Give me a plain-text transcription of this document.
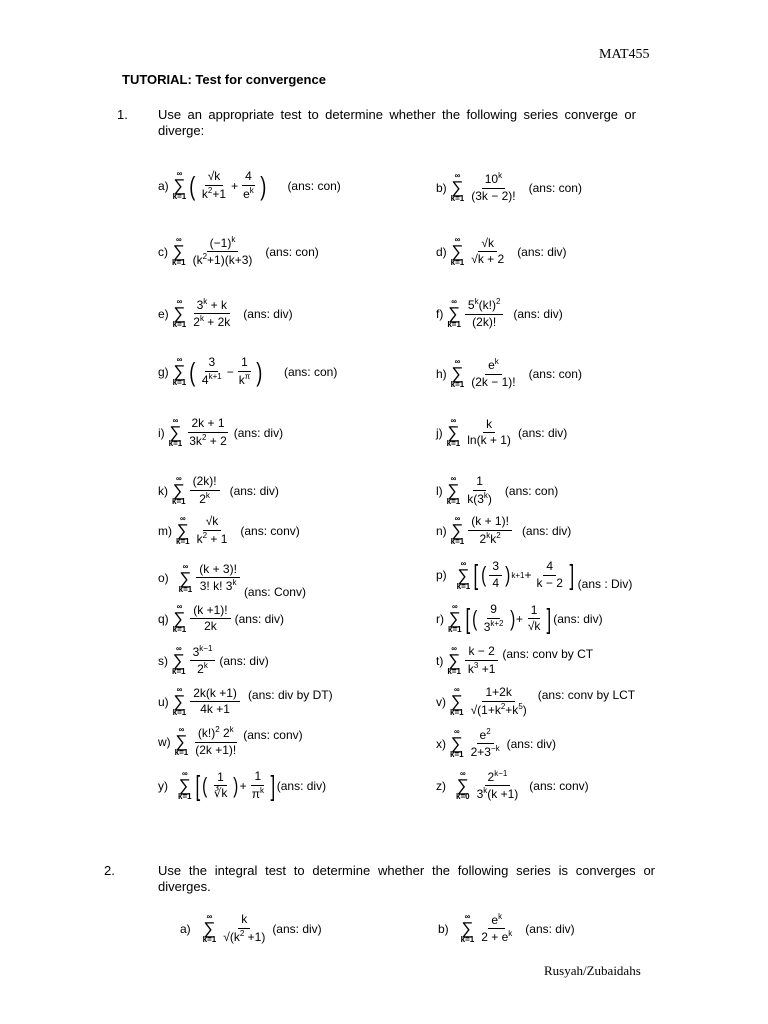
MAT455
TUTORIAL: Test for convergence
1. Use an appropriate test to determine whether the following series converge or diverge:
a)
∞
∑
k=1 ( $\frac{√k}{k^2+1} + \frac{4}{e^k}$ ) (ans: con)	b)
∞
∑
$k=1 \frac{10^k}{(3k - 2)!} (ans$: con)
c)
∞
∑
$k=1 \frac{(-1)^k}{(k^2+1)(k+3)} (ans$: con)	d)
∞
∑
$k=1 \frac{√k}{√k + 2} (ans$: div)
e)
∞
∑
$k=1 \frac{3^k + k}{2^k + 2k} (ans$: div)	f)
∞
∑
$k=1 \frac{5^k(k!)^2}{(2k)!} (ans$: div)
g)
∞
∑
k=1 ( $\frac{3}{4^{k+1}} - \frac{1}{k^\pi}$ ) (ans: con)	h)
∞
∑
$k=1 \frac{e^k}{(2k - 1)!} (ans$: con)
i)
∞
∑
$k=1 \frac{2k + 1}{3k^2 + 2} (ans$: div)	j)
∞
∑
$k=1 \frac{k}{\ln(k + 1)} (ans$: div)
k)
∞
∑
$k=1 \frac{(2k)!}{2^k} (ans$: div)	l)
∞
∑
$k=1 \frac{1}{k(3^k)} (ans$: con)
m)
∞
∑
$k=1 \frac{√k}{k^2 + 1} (ans$: conv)	n)
∞
∑
$k=1 \frac{(k + 1)!}{2^kk^2} (ans$: div)
o)
∞
∑
$k=1 \frac{(k + 3)!}{3! k! 3^k} (ans$: Conv)
p)
∞
∑
k=1 [ ( $\frac{3}{4}$ ) $k+1 + \frac{4}{k - 2}$ ] (ans : Div)
q)
∞
∑
$k=1 \frac{(k +1)!}{2k} (ans$: div)	r)
∞
∑
k=1 [ ( $\frac{9}{3^{k+2}}$ ) + $\frac{1}{√k}$ ] (ans: div)
s)
∞
∑
$k=1 \frac{3^{k-1}}{2^k} (ans$: div)	t)
∞
∑
$k=1 \frac{k - 2}{k^3 +1} (ans$: conv by CT
u)
∞
∑
$k=1 \frac{2k(k +1)}{4k +1} (ans$: div by DT)	v)
∞
∑
$k=1 \frac{1+2k}{√(1+k^2+k^5)} (ans$: conv by LCT
w)
∞
∑
$k=1 \frac{(k!)^2 2^k}{(2k +1)!} (ans$: conv)
x)
∞
∑
$k=1 \frac{e^2}{2+3^{-k}} (ans$: div)
y)
∞
∑
k=1 [ ( $\frac{1}{∛k}$ ) + $\frac{1}{\pi^k}$ ] (ans: div)	z)
∞
∑
$k=0 \frac{2^{k-1}}{3^k(k +1)} (ans$: conv)
2.	Use the integral test to determine whether the following series is converges or diverges.
a)
∞
∑
$k=1 \frac{k}{√(k^2 +1)} (ans$: div)	b)
∞
∑
$k=1 \frac{e^k}{2 + e^k} (ans$: div)
Rusyah/Zubaidahs
